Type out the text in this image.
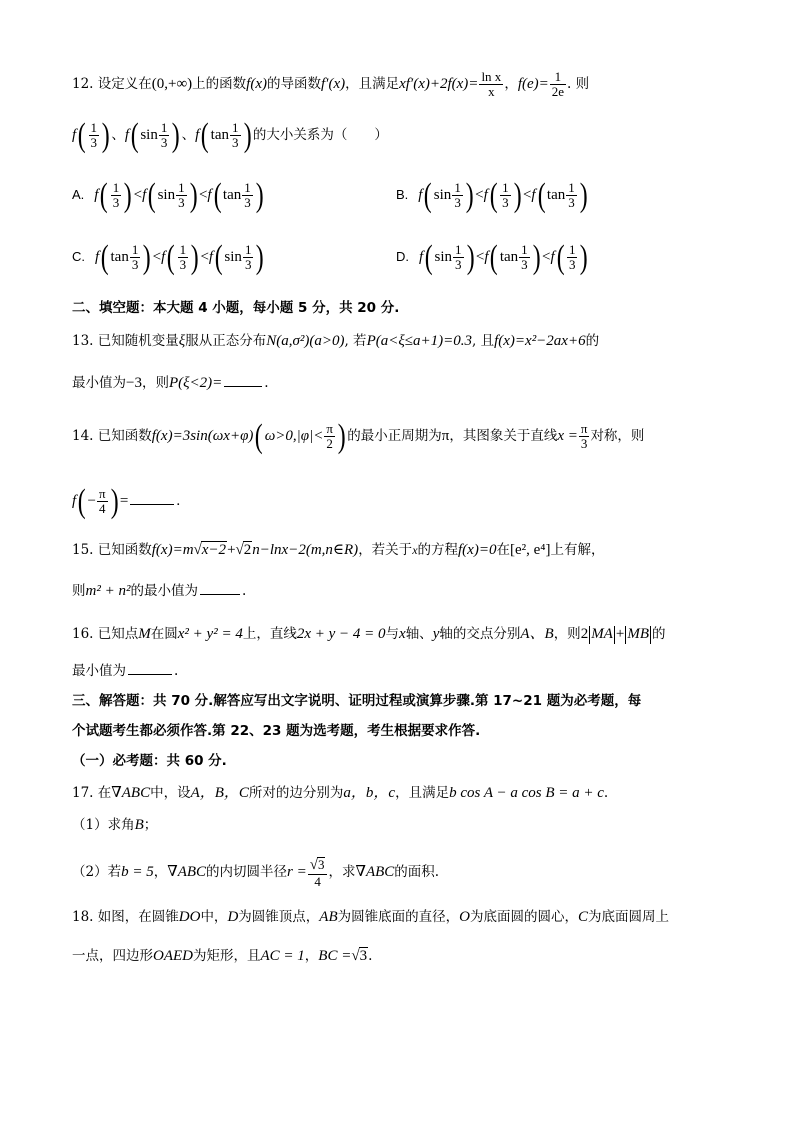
12. 设定义在(0,+∞)上的函数f(x)的导函数f′(x)，且满足$xf'(x)+2f(x)= \frac{\text{ln x}}{x}$ ，$f(e)= \frac{1}{2e}$ . 则
$f( \frac{1}{3}$ ) 、f( $\sin \frac{1}{3}$ ) 、f( $\tan \frac{1}{3}$ ) 的大小关系为（　　）
A. $f( \frac{1}{3}$ ) <f( $\sin \frac{1}{3}$ ) <f( $\tan \frac{1}{3}$ )	B. f( $\sin \frac{1}{3}$ ) $<f( \frac{1}{3}$ ) <f( $\tan \frac{1}{3}$ )
C. f( $\tan \frac{1}{3}$ ) $<f( \frac{1}{3}$ ) <f( $\sin \frac{1}{3}$ )	D. f( $\sin \frac{1}{3}$ ) <f( $\tan \frac{1}{3}$ ) $<f( \frac{1}{3}$ )
二、填空题：本大题 4 小题，每小题 5 分，共 20 分.
13. 已知随机变量ξ服从正态分布N(a,σ²)(a>0), 若P(a<ξ≤a+1)=0.3, 且f(x)=x²−2ax+6的
最小值为−3，则P(ξ<2)=	.
14. 已知函数f(x)=3sin(ωx+φ)( $\omega>0,|\varphi|< \frac{\pi}{2}$ ) 的最小正周期为π，其图象关于直线$x = \frac{\pi}{3}$ 对称，则
$f( - \frac{\pi}{4}$ ) =	.
15. 已知函数f(x)=m√x−2+√2n−lnx−2(m,n∈R)，若关于x的方程f(x)=0在[e², e⁴]上有解，
则m² + n²的最小值为	.
16. 已知点M在圆x² + y² = 4上，直线2x + y − 4 = 0与x轴、y轴的交点分别A、B，则2 MA + MB 的
最小值为	.
三、解答题：共 70 分.解答应写出文字说明、证明过程或演算步骤.第 17~21 题为必考题，每
个试题考生都必须作答.第 22、23 题为选考题，考生根据要求作答.
（一）必考题：共 60 分.
17. 在∇ABC中，设A，B，C所对的边分别为a，b，c，且满足b cos A − a cos B = a + c.
（1）求角B；
（2）若b = 5，∇ABC的内切圆半径$r = \frac{√3}{4}$ ，求∇ABC的面积.
18. 如图，在圆锥DO中，D为圆锥顶点，AB为圆锥底面的直径，O为底面圆的圆心，C为底面圆周上
一点，四边形OAED为矩形，且AC = 1，BC =√3.
